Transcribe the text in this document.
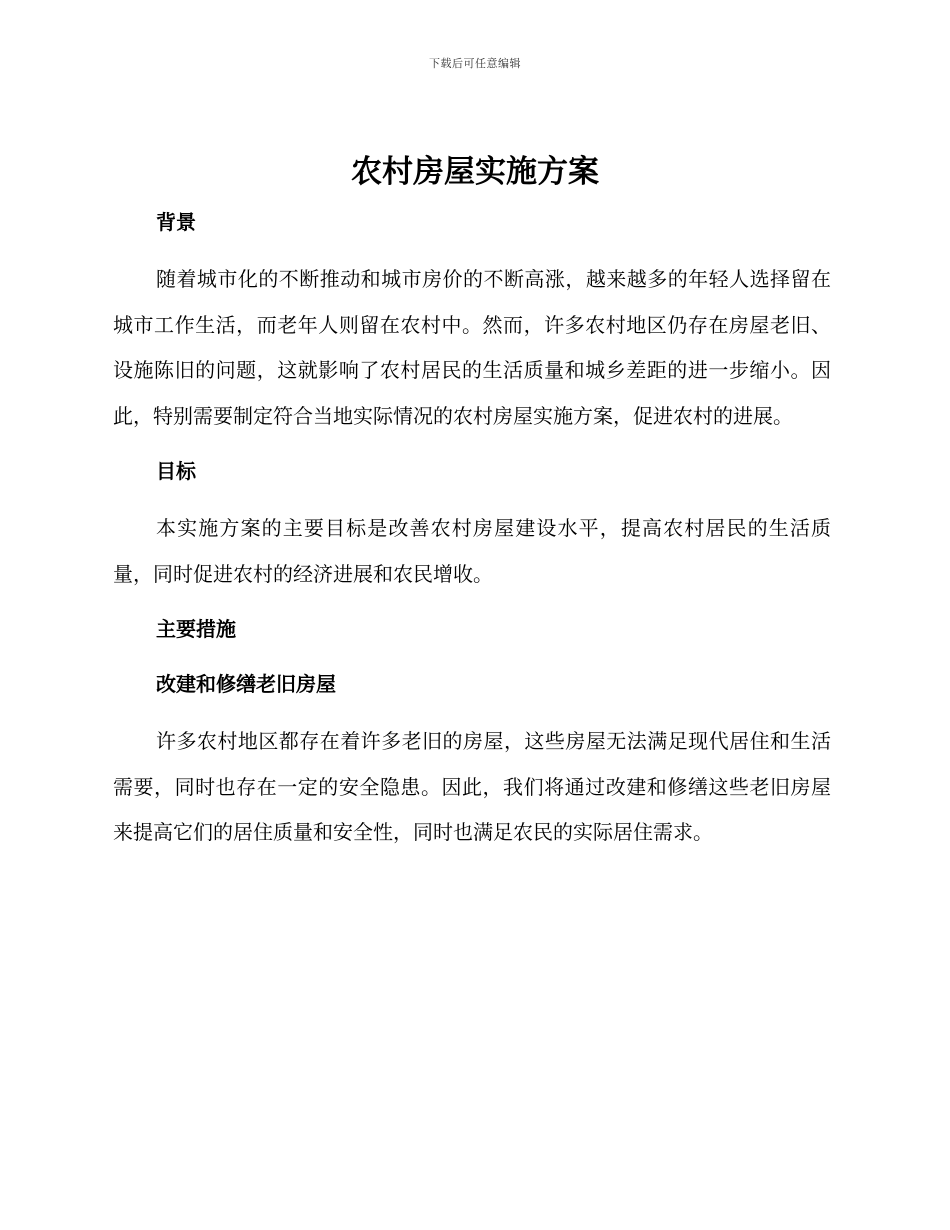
下载后可任意编辑
农村房屋实施方案
背景

随着城市化的不断推动和城市房价的不断高涨，越来越多的年轻人选择留在城市工作生活，而老年人则留在农村中。然而，许多农村地区仍存在房屋老旧、设施陈旧的问题，这就影响了农村居民的生活质量和城乡差距的进一步缩小。因此，特别需要制定符合当地实际情况的农村房屋实施方案，促进农村的进展。

目标

本实施方案的主要目标是改善农村房屋建设水平，提高农村居民的生活质量，同时促进农村的经济进展和农民增收。

主要措施
改建和修缮老旧房屋

许多农村地区都存在着许多老旧的房屋，这些房屋无法满足现代居住和生活需要，同时也存在一定的安全隐患。因此，我们将通过改建和修缮这些老旧房屋来提高它们的居住质量和安全性，同时也满足农民的实际居住需求。
